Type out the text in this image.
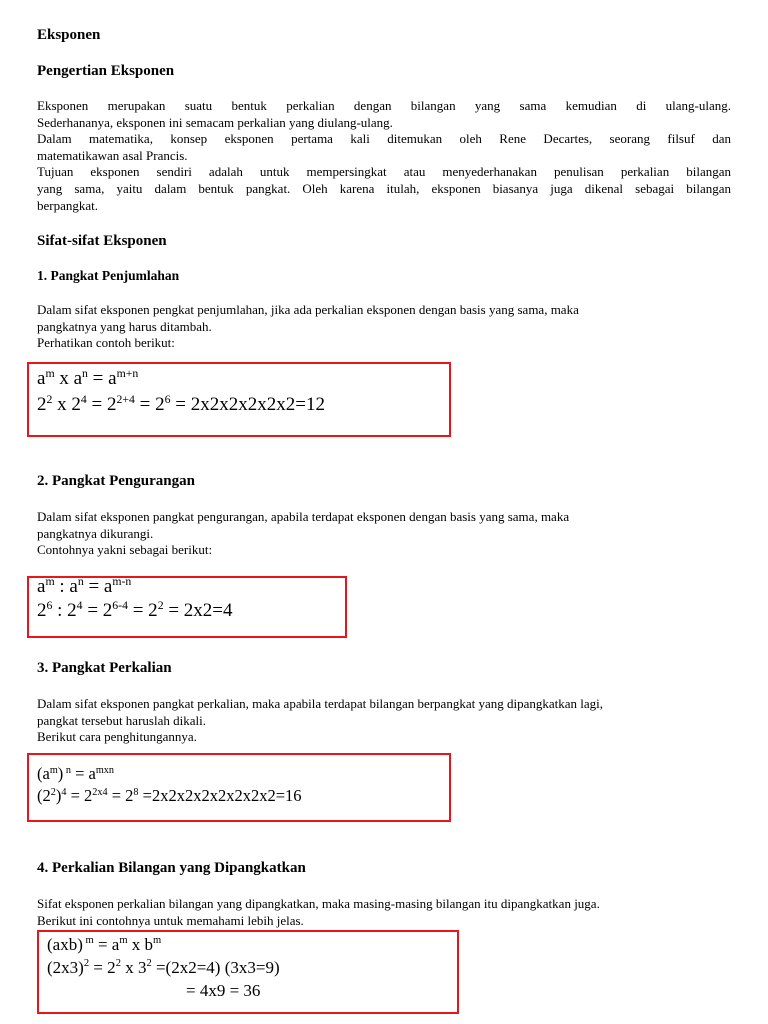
Eksponen
Pengertian Eksponen
Eksponen merupakan suatu bentuk perkalian dengan bilangan yang sama kemudian di ulang-ulang.
Sederhananya, eksponen ini semacam perkalian yang diulang-ulang.
Dalam matematika, konsep eksponen pertama kali ditemukan oleh Rene Decartes, seorang filsuf dan
matematikawan asal Prancis.
Tujuan eksponen sendiri adalah untuk mempersingkat atau menyederhanakan penulisan perkalian bilangan
yang sama, yaitu dalam bentuk pangkat. Oleh karena itulah, eksponen biasanya juga dikenal sebagai bilangan
berpangkat.
Sifat-sifat Eksponen
1. Pangkat Penjumlahan
Dalam sifat eksponen pengkat penjumlahan, jika ada perkalian eksponen dengan basis yang sama, maka
pangkatnya yang harus ditambah.
Perhatikan contoh berikut:
$a^m$ x $a^n = a^{m+n}$
$2^2$ x $2^4 = 2^{2+4} = 2^6 = 2x2x2x2x2x2=12$
2. Pangkat Pengurangan
Dalam sifat eksponen pangkat pengurangan, apabila terdapat eksponen dengan basis yang sama, maka
pangkatnya dikurangi.
Contohnya yakni sebagai berikut:
$a^m$ : $a^n = a^{m-n}$
$2^6$ : $2^4 = 2^{6-4} = 2^2 = 2x2=4$
3. Pangkat Perkalian
Dalam sifat eksponen pangkat perkalian, maka apabila terdapat bilangan berpangkat yang dipangkatkan lagi,
pangkat tersebut haruslah dikali.
Berikut cara penghitungannya.
$(a^m) ^n = a^{mxn}$
$(2^2)^4 = 2^{2x4} = 2^8 =2x2x2x2x2x2x2x2=16$
4. Perkalian Bilangan yang Dipangkatkan
Sifat eksponen perkalian bilangan yang dipangkatkan, maka masing-masing bilangan itu dipangkatkan juga.
Berikut ini contohnya untuk memahami lebih jelas.
(axb) $^m = a^m$ x $b^m$
$(2x3)^2 = 2^2$ x $3^2 =(2x2=4)$ (3x3=9)
= 4x9 = 36
